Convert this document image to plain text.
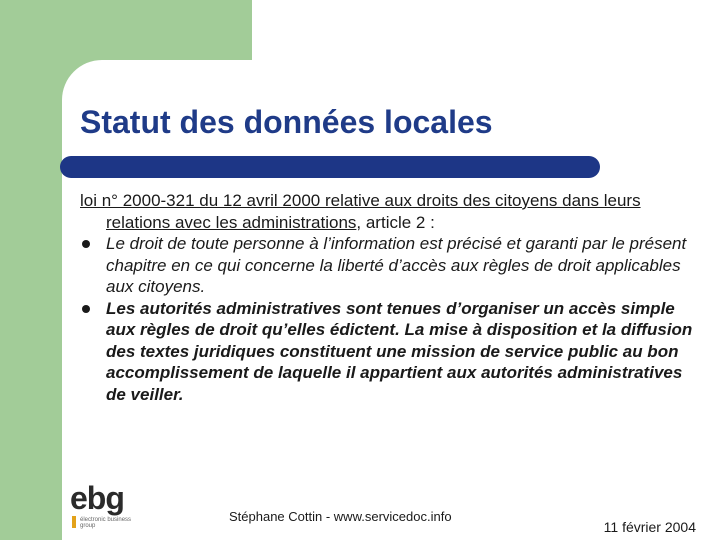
Statut des données locales

loi n° 2000-321 du 12 avril 2000 relative aux droits des citoyens dans leurs relations avec les administrations, article 2 :

Le droit de toute personne à l’information est précisé et garanti par le présent chapitre en ce qui concerne la liberté d’accès aux règles de droit applicables aux citoyens.
Les autorités administratives sont tenues d’organiser un accès simple aux règles de droit qu’elles édictent. La mise à disposition et la diffusion des textes juridiques constituent une mission de service public au bon accomplissement de laquelle il appartient aux autorités administratives de veiller.
ebg
électronic business group
Stéphane Cottin - www.servicedoc.info
11 février 2004
